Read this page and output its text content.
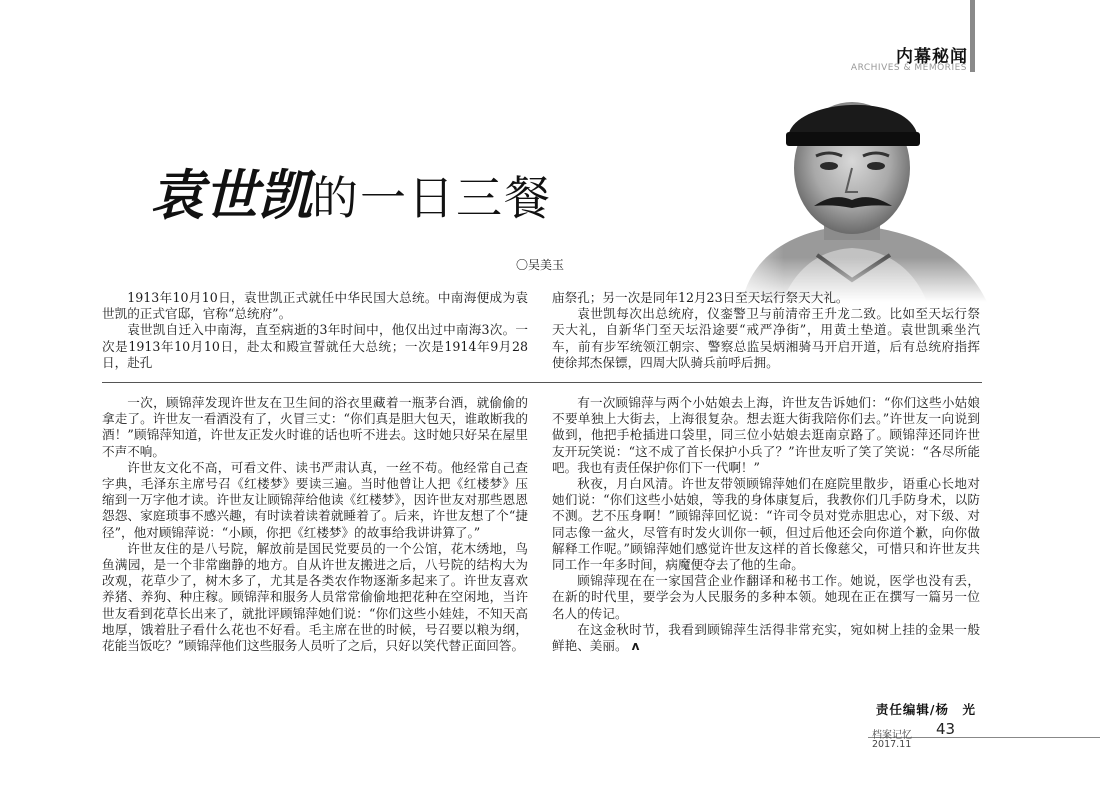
内幕秘闻
ARCHIVES & MEMORIES
袁世凯的一日三餐
〇吴美玉

1913年10月10日，袁世凯正式就任中华民国大总统。中南海便成为袁世凯的正式官邸，官称“总统府”。

袁世凯自迁入中南海，直至病逝的3年时间中，他仅出过中南海3次。一次是1913年10月10日，赴太和殿宣誓就任大总统；一次是1914年9月28日，赴孔

庙祭孔；另一次是同年12月23日至天坛行祭天大礼。

袁世凯每次出总统府，仪銮警卫与前清帝王升龙二致。比如至天坛行祭天大礼，自新华门至天坛沿途要“戒严净街”，用黄土垫道。袁世凯乘坐汽车，前有步军统领江朝宗、警察总监吴炳湘骑马开启开道，后有总统府指挥使徐邦杰保镖，四周大队骑兵前呼后拥。

一次，顾锦萍发现许世友在卫生间的浴衣里藏着一瓶茅台酒，就偷偷的拿走了。许世友一看酒没有了，火冒三丈：“你们真是胆大包天，谁敢断我的酒！”顾锦萍知道，许世友正发火时谁的话也听不进去。这时她只好呆在屋里不声不响。

许世友文化不高，可看文件、读书严肃认真，一丝不苟。他经常自己查字典，毛泽东主席号召《红楼梦》要读三遍。当时他曾让人把《红楼梦》压缩到一万字他才读。许世友让顾锦萍给他读《红楼梦》，因许世友对那些恩恩怨怨、家庭琐事不感兴趣，有时读着读着就睡着了。后来，许世友想了个“捷径”，他对顾锦萍说：“小顾，你把《红楼梦》的故事给我讲讲算了。”

许世友住的是八号院，解放前是国民党要员的一个公馆，花木绣地，鸟鱼满园，是一个非常幽静的地方。自从许世友搬进之后，八号院的结构大为改观，花草少了，树木多了，尤其是各类农作物逐渐多起来了。许世友喜欢养猪、养狗、种庄稼。顾锦萍和服务人员常常偷偷地把花种在空闲地，当许世友看到花草长出来了，就批评顾锦萍她们说：“你们这些小娃娃，不知天高地厚，饿着肚子看什么花也不好看。毛主席在世的时候，号召要以粮为纲，花能当饭吃？”顾锦萍他们这些服务人员听了之后，只好以笑代替正面回答。

有一次顾锦萍与两个小姑娘去上海，许世友告诉她们：“你们这些小姑娘不要单独上大街去，上海很复杂。想去逛大街我陪你们去。”许世友一向说到做到，他把手枪插进口袋里，同三位小姑娘去逛南京路了。顾锦萍还同许世友开玩笑说：“这不成了首长保护小兵了？”许世友听了笑了笑说：“各尽所能吧。我也有责任保护你们下一代啊！”

秋夜，月白风清。许世友带领顾锦萍她们在庭院里散步，语重心长地对她们说：“你们这些小姑娘，等我的身体康复后，我教你们几手防身术，以防不测。艺不压身啊！”顾锦萍回忆说：“许司令员对党赤胆忠心，对下级、对同志像一盆火，尽管有时发火训你一顿，但过后他还会向你道个歉，向你做解释工作呢。”顾锦萍她们感觉许世友这样的首长像慈父，可惜只和许世友共同工作一年多时间，病魔便夺去了他的生命。

顾锦萍现在在一家国营企业作翻译和秘书工作。她说，医学也没有丢，在新的时代里，要学会为人民服务的多种本领。她现在正在撰写一篇另一位名人的传记。

在这金秋时节，我看到顾锦萍生活得非常充实，宛如树上挂的金果一般鲜艳、美丽。 ʌ

责任编辑/杨　光
档案记忆 43
2017.11
